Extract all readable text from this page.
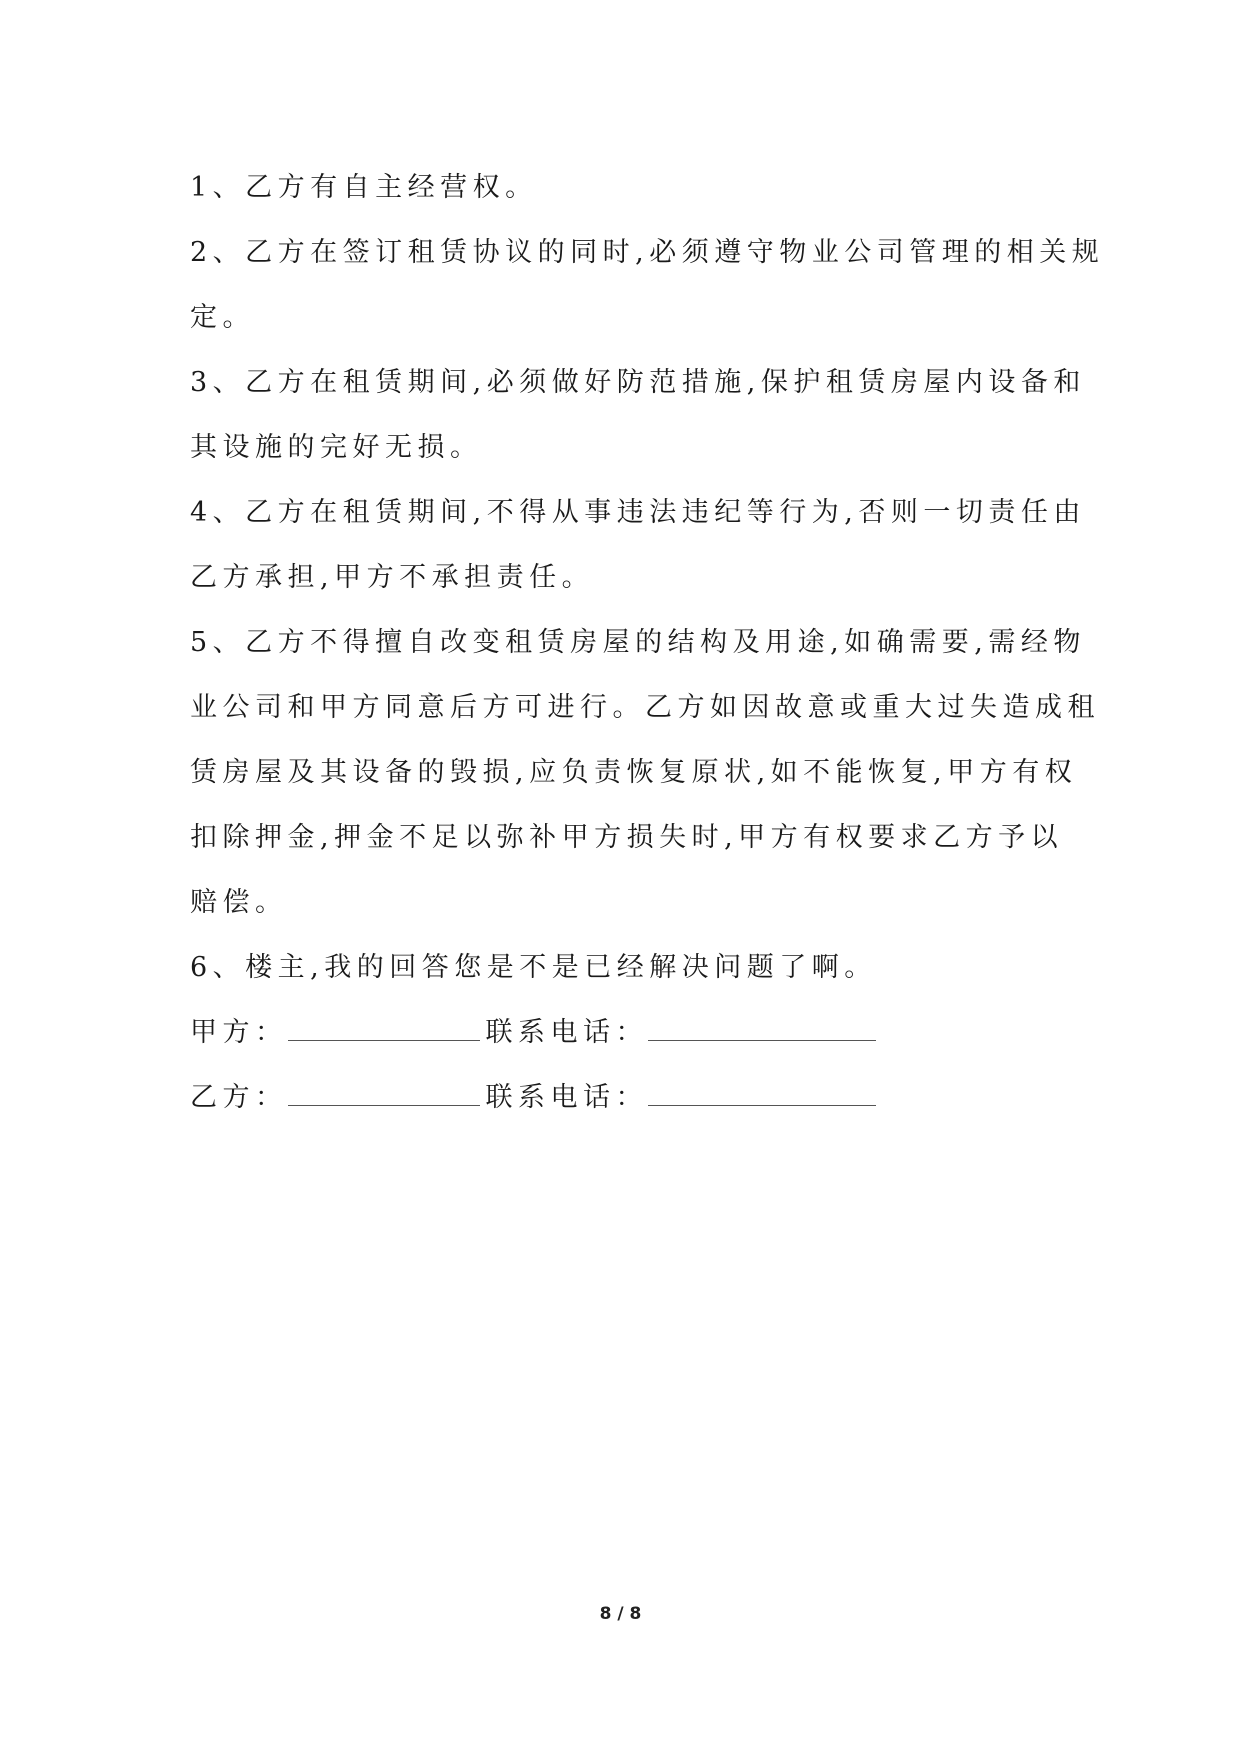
1、乙方有自主经营权。

2、乙方在签订租赁协议的同时,必须遵守物业公司管理的相关规
定。

3、乙方在租赁期间,必须做好防范措施,保护租赁房屋内设备和
其设施的完好无损。

4、乙方在租赁期间,不得从事违法违纪等行为,否则一切责任由
乙方承担,甲方不承担责任。

5、乙方不得擅自改变租赁房屋的结构及用途,如确需要,需经物
业公司和甲方同意后方可进行。乙方如因故意或重大过失造成租
赁房屋及其设备的毁损,应负责恢复原状,如不能恢复,甲方有权
扣除押金,押金不足以弥补甲方损失时,甲方有权要求乙方予以
赔偿。

6、楼主,我的回答您是不是已经解决问题了啊。

甲方：	联系电话：

乙方：	联系电话：

8 / 8
